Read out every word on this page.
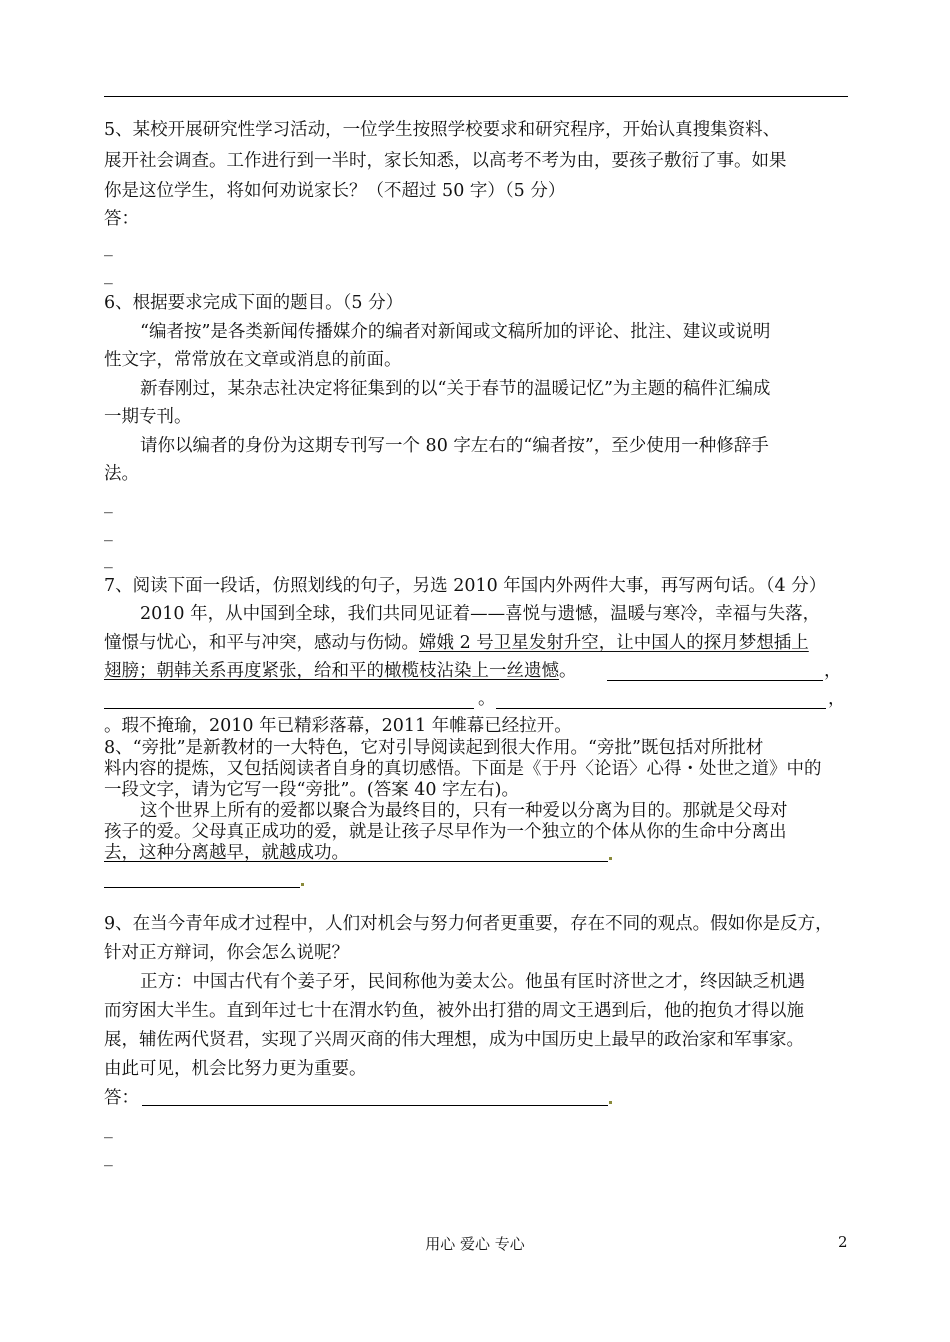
5、某校开展研究性学习活动，一位学生按照学校要求和研究程序，开始认真搜集资料、
展开社会调查。工作进行到一半时，家长知悉，以高考不考为由，要孩子敷衍了事。如果
你是这位学生，将如何劝说家长？（不超过 50 字）（5 分）
答：
_
_
6、根据要求完成下面的题目。（5 分）
“编者按”是各类新闻传播媒介的编者对新闻或文稿所加的评论、批注、建议或说明
性文字，常常放在文章或消息的前面。
新春刚过，某杂志社决定将征集到的以“关于春节的温暖记忆”为主题的稿件汇编成
一期专刊。
请你以编者的身份为这期专刊写一个 80 字左右的“编者按”，至少使用一种修辞手
法。
_
_
_
7、阅读下面一段话，仿照划线的句子，另选 2010 年国内外两件大事，再写两句话。（4 分）
2010 年，从中国到全球，我们共同见证着——喜悦与遗憾，温暖与寒冷，幸福与失落，
憧憬与忧心，和平与冲突，感动与伤恸。嫦娥 2 号卫星发射升空，让中国人的探月梦想插上
翅膀；朝韩关系再度紧张，给和平的橄榄枝沾染上一丝遗憾。	，
。	，
。瑕不掩瑜，2010 年已精彩落幕，2011 年帷幕已经拉开。
8、“旁批”是新教材的一大特色，它对引导阅读起到很大作用。“旁批”既包括对所批材
料内容的提炼，又包括阅读者自身的真切感悟。下面是《于丹〈论语〉心得・处世之道》中的
一段文字，请为它写一段“旁批”。(答案 40 字左右)。
这个世界上所有的爱都以聚合为最终目的，只有一种爱以分离为目的。那就是父母对
孩子的爱。父母真正成功的爱，就是让孩子尽早作为一个独立的个体从你的生命中分离出
去，这种分离越早，就越成功。
9、在当今青年成才过程中，人们对机会与努力何者更重要，存在不同的观点。假如你是反方，
针对正方辩词，你会怎么说呢？
正方：中国古代有个姜子牙，民间称他为姜太公。他虽有匡时济世之才，终因缺乏机遇
而穷困大半生。直到年过七十在渭水钓鱼，被外出打猎的周文王遇到后，他的抱负才得以施
展，辅佐两代贤君，实现了兴周灭商的伟大理想，成为中国历史上最早的政治家和军事家。
由此可见，机会比努力更为重要。
答：
_
_
用心 爱心 专心	2
